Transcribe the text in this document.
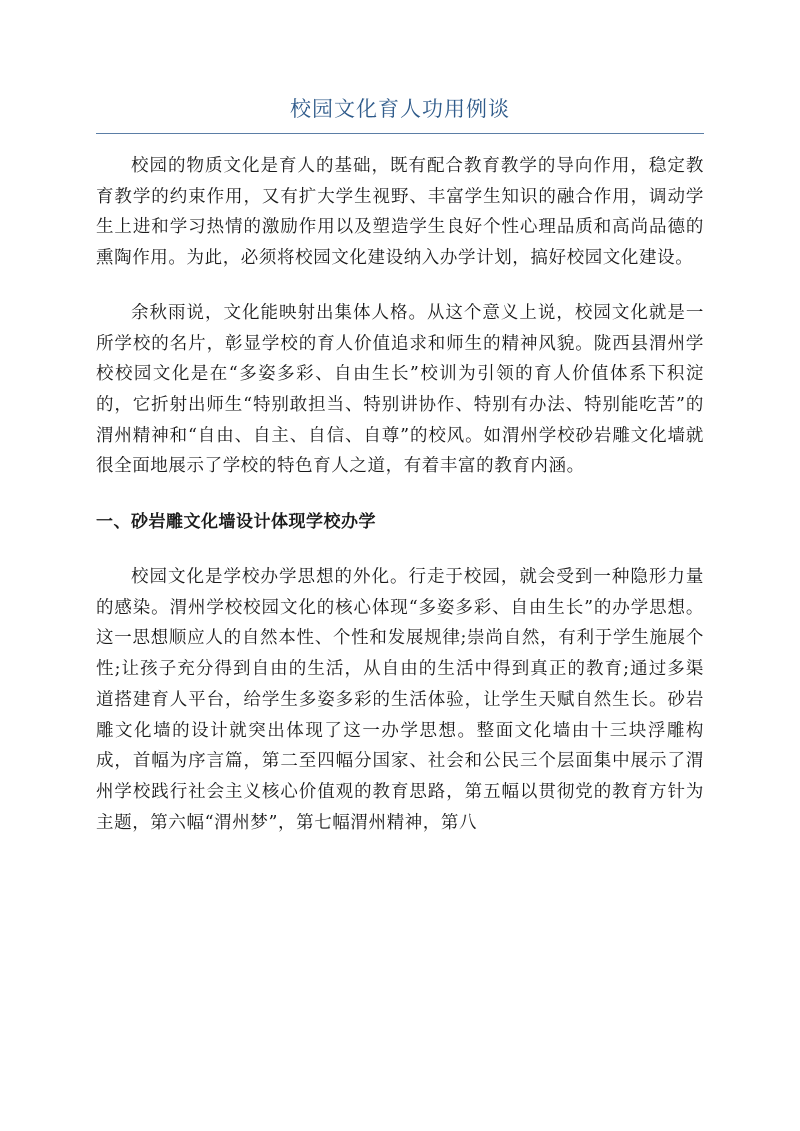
校园文化育人功用例谈

校园的物质文化是育人的基础，既有配合教育教学的导向作用，稳定教育教学的约束作用，又有扩大学生视野、丰富学生知识的融合作用，调动学生上进和学习热情的激励作用以及塑造学生良好个性心理品质和高尚品德的熏陶作用。为此，必须将校园文化建设纳入办学计划，搞好校园文化建设。

余秋雨说，文化能映射出集体人格。从这个意义上说，校园文化就是一所学校的名片，彰显学校的育人价值追求和师生的精神风貌。陇西县渭州学校校园文化是在“多姿多彩、自由生长”校训为引领的育人价值体系下积淀的，它折射出师生“特别敢担当、特别讲协作、特别有办法、特别能吃苦”的渭州精神和“自由、自主、自信、自尊”的校风。如渭州学校砂岩雕文化墙就很全面地展示了学校的特色育人之道，有着丰富的教育内涵。

一、砂岩雕文化墙设计体现学校办学

校园文化是学校办学思想的外化。行走于校园，就会受到一种隐形力量的感染。渭州学校校园文化的核心体现“多姿多彩、自由生长”的办学思想。这一思想顺应人的自然本性、个性和发展规律;崇尚自然，有利于学生施展个性;让孩子充分得到自由的生活，从自由的生活中得到真正的教育;通过多渠道搭建育人平台，给学生多姿多彩的生活体验，让学生天赋自然生长。砂岩雕文化墙的设计就突出体现了这一办学思想。整面文化墙由十三块浮雕构成，首幅为序言篇，第二至四幅分国家、社会和公民三个层面集中展示了渭州学校践行社会主义核心价值观的教育思路，第五幅以贯彻党的教育方针为主题，第六幅“渭州梦”，第七幅渭州精神，第八
